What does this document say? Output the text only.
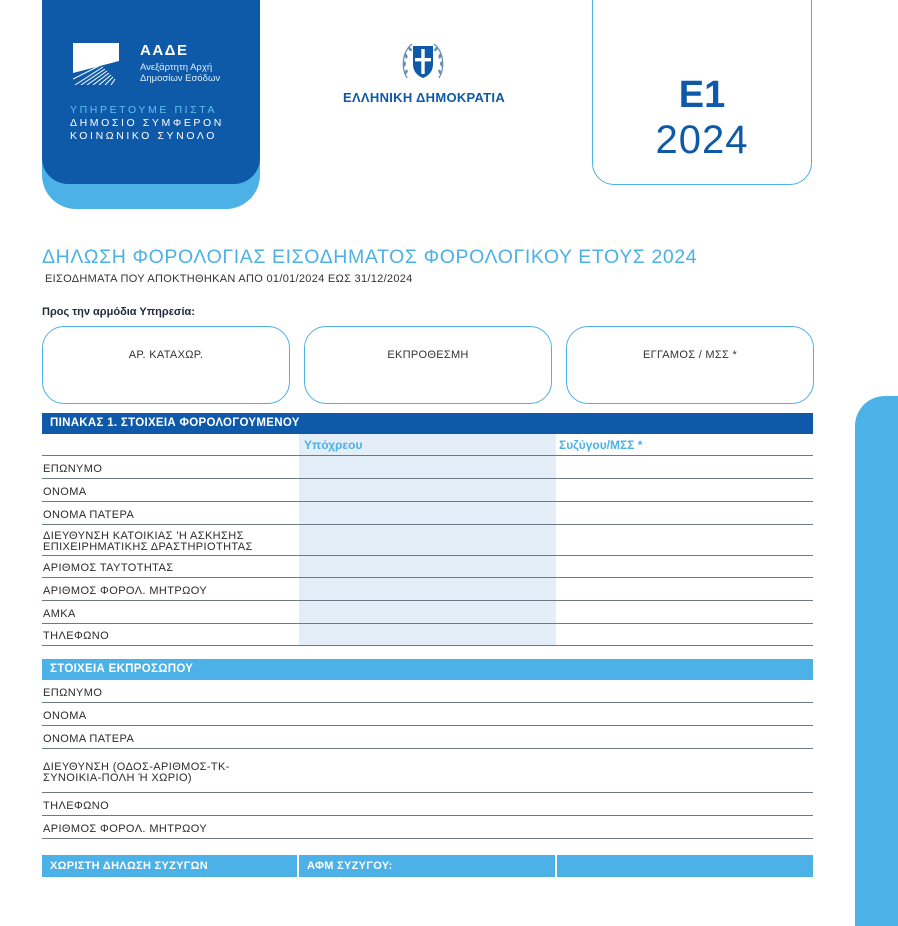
ΑΑΔΕ
Ανεξάρτητη Αρχή
Δημοσίων Εσόδων
ΥΠΗΡΕΤΟΥΜΕ ΠΙΣΤΑ
ΔΗΜΟΣΙΟ ΣΥΜΦΕΡΟΝ
ΚΟΙΝΩΝΙΚΟ ΣΥΝΟΛΟ
ΕΛΛΗΝΙΚΗ ΔΗΜΟΚΡΑΤΙΑ	E1
2024
ΔΗΛΩΣΗ ΦΟΡΟΛΟΓΙΑΣ ΕΙΣΟΔΗΜΑΤΟΣ ΦΟΡΟΛΟΓΙΚΟΥ ΕΤΟΥΣ 2024
ΕΙΣΟΔΗΜΑΤΑ ΠΟΥ ΑΠΟΚΤΗΘΗΚΑΝ ΑΠΟ 01/01/2024 ΕΩΣ 31/12/2024
Προς την αρμόδια Υπηρεσία:
ΑΡ. ΚΑΤΑΧΩΡ.	ΕΚΠΡΟΘΕΣΜΗ	ΕΓΓΑΜΟΣ / ΜΣΣ *
ΠΙΝΑΚΑΣ 1. ΣΤΟΙΧΕΙΑ ΦΟΡΟΛΟΓΟΥΜΕΝΟΥ
Υπόχρεου	Συζύγου/ΜΣΣ *
ΕΠΩΝΥΜΟ
ΟΝΟΜΑ
ΟΝΟΜΑ ΠΑΤΕΡΑ
ΔΙΕΥΘΥΝΣΗ ΚΑΤΟΙΚΙΑΣ 'Η ΑΣΚΗΣΗΣ
ΕΠΙΧΕΙΡΗΜΑΤΙΚΗΣ ΔΡΑΣΤΗΡΙΟΤΗΤΑΣ
ΑΡΙΘΜΟΣ ΤΑΥΤΟΤΗΤΑΣ
ΑΡΙΘΜΟΣ ΦΟΡΟΛ. ΜΗΤΡΩΟΥ
ΑΜΚΑ
ΤΗΛΕΦΩΝΟ
ΣΤΟΙΧΕΙΑ ΕΚΠΡΟΣΩΠΟΥ
ΕΠΩΝΥΜΟ
ΟΝΟΜΑ
ΟΝΟΜΑ ΠΑΤΕΡΑ
ΔΙΕΥΘΥΝΣΗ (ΟΔΟΣ-ΑΡΙΘΜΟΣ-ΤΚ-
ΣΥΝΟΙΚΙΑ-ΠΟΛΗ Ή ΧΩΡΙΟ)
ΤΗΛΕΦΩΝΟ
ΑΡΙΘΜΟΣ ΦΟΡΟΛ. ΜΗΤΡΩΟΥ
ΧΩΡΙΣΤΗ ΔΗΛΩΣΗ ΣΥΖΥΓΩΝ	ΑΦΜ ΣΥΖΥΓΟΥ:
